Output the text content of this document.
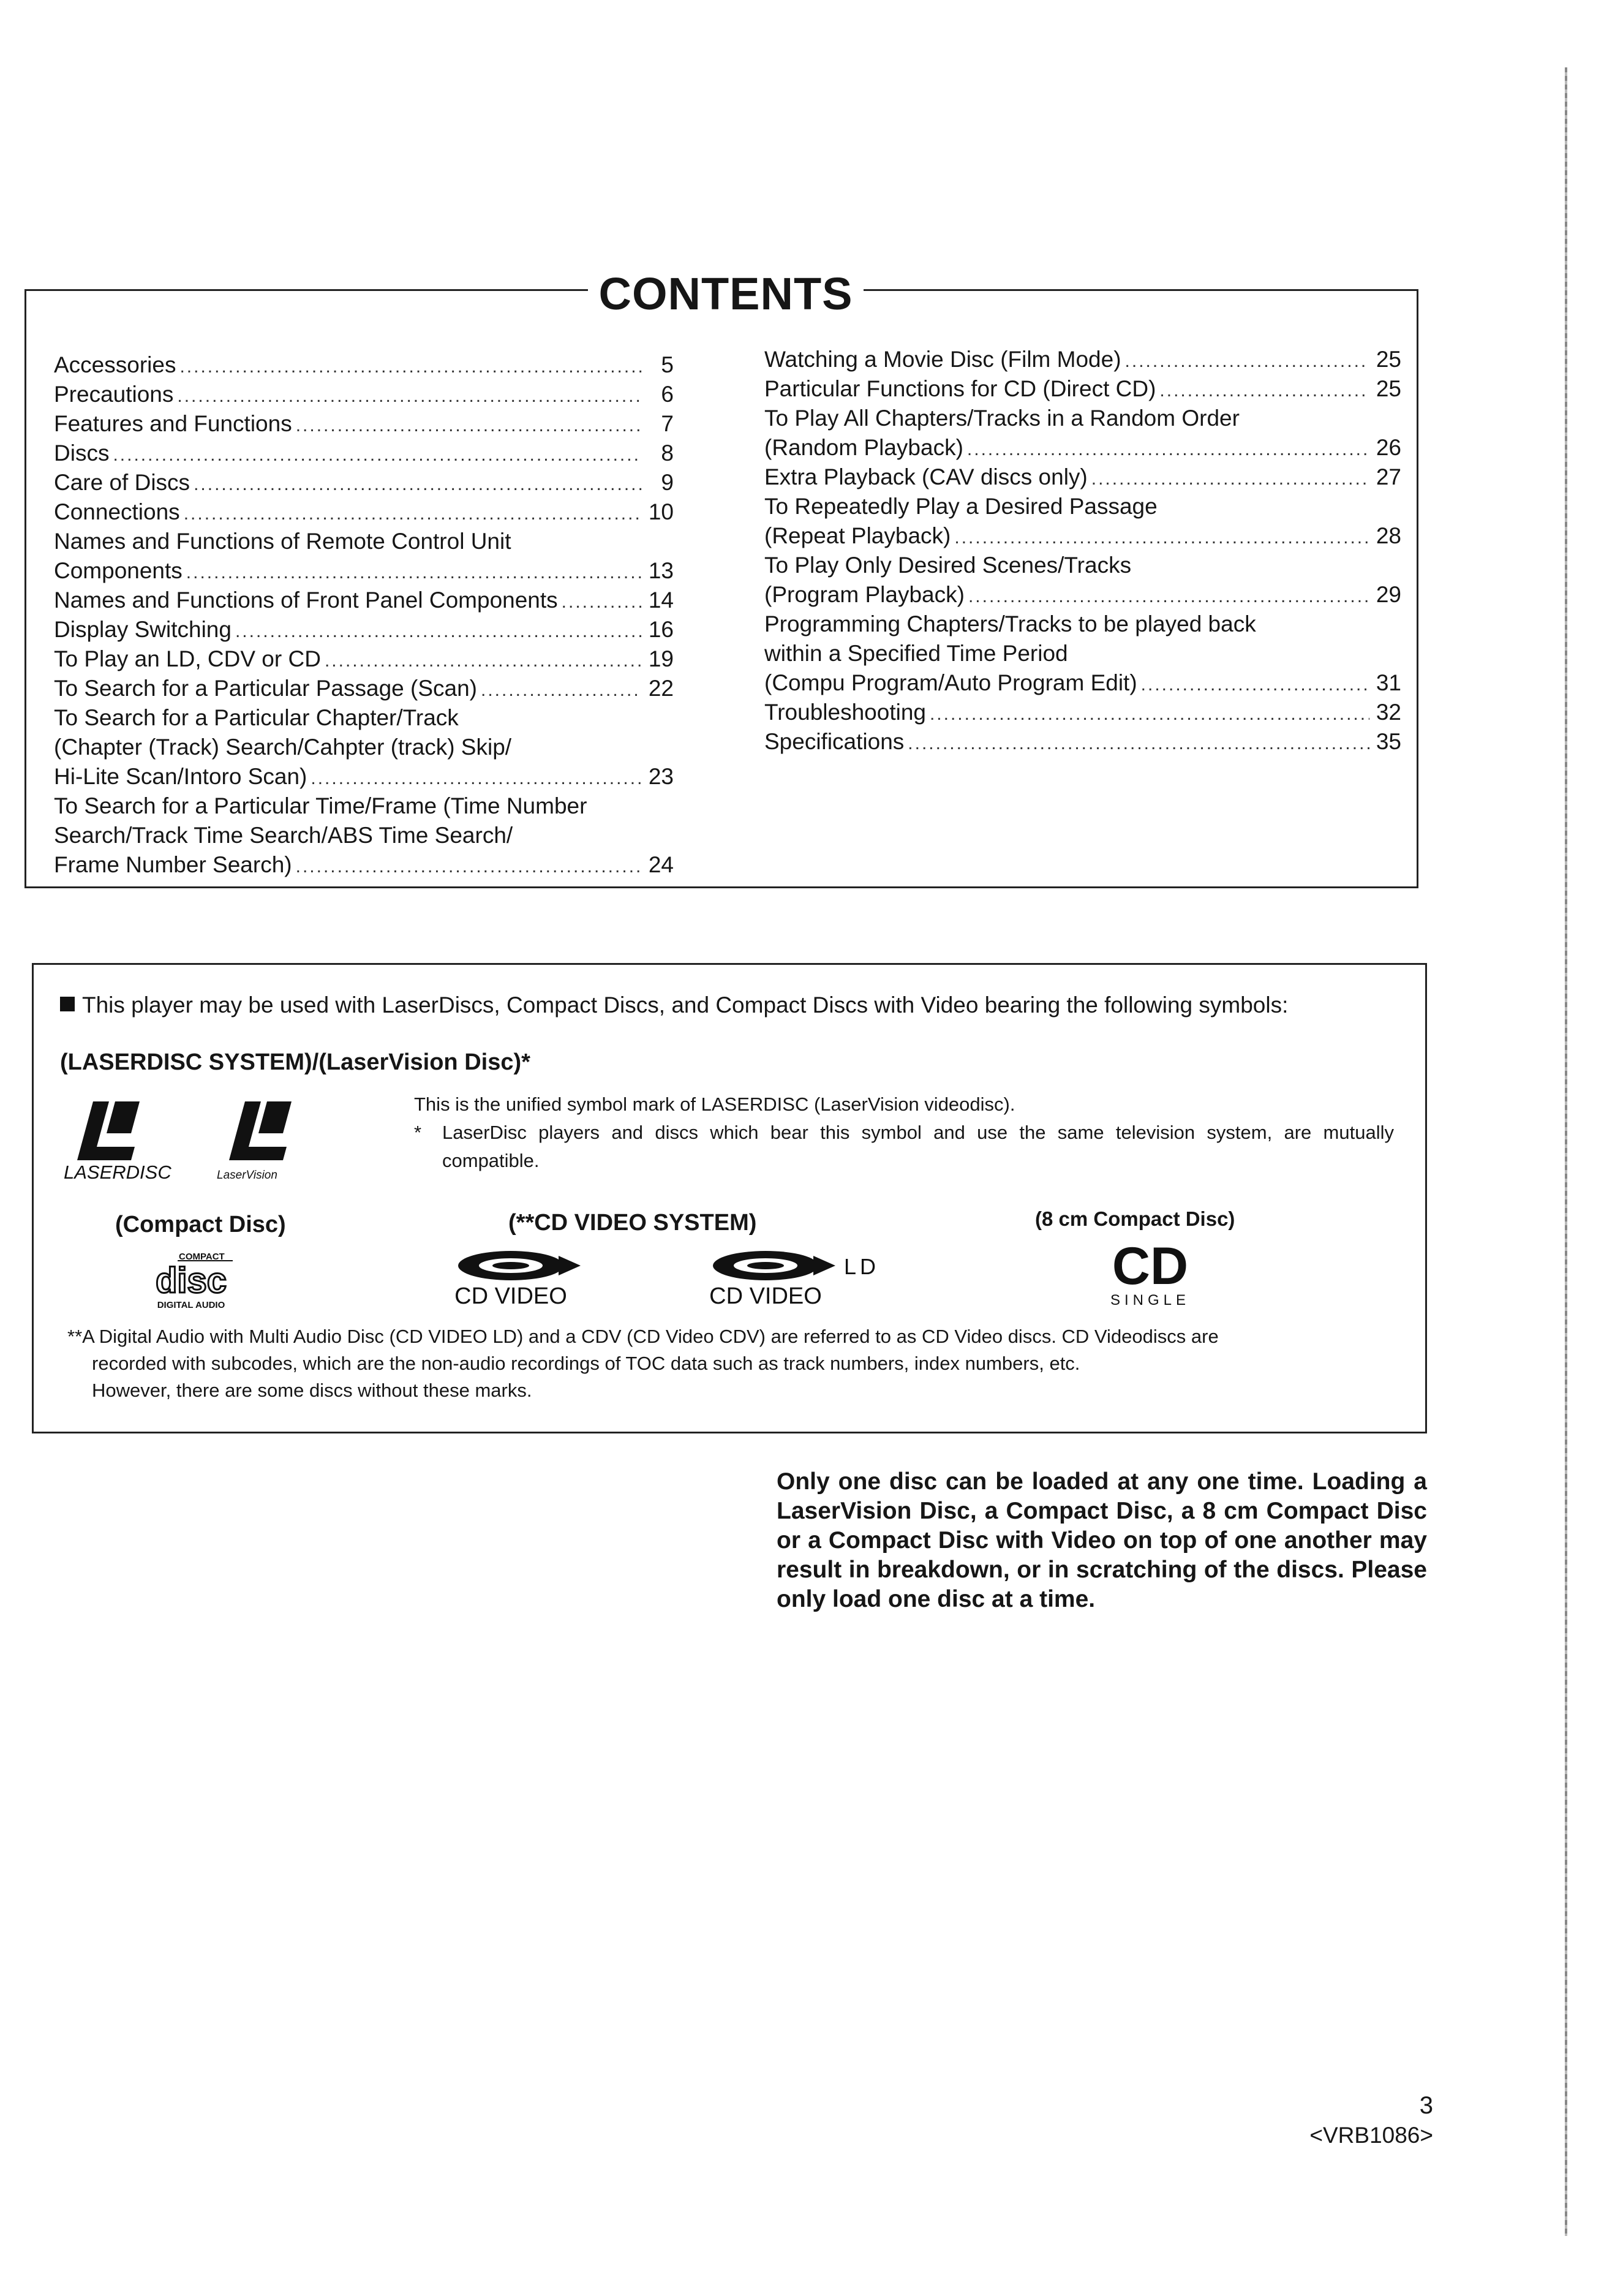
CONTENTS
Accessories .....	5
Precautions .....	6
Features and Functions .....	7
Discs .....	8
Care of Discs .....	9
Connections .....	10
Names and Functions of Remote Control Unit
Components .....	13
Names and Functions of Front Panel Components .....	14
Display Switching .....	16
To Play an LD, CDV or CD .....	19
To Search for a Particular Passage (Scan) .....	22
To Search for a Particular Chapter/Track
(Chapter (Track) Search/Cahpter (track) Skip/
Hi-Lite Scan/Intoro Scan) .....	23
To Search for a Particular Time/Frame (Time Number
Search/Track Time Search/ABS Time Search/
Frame Number Search) .....	24
Watching a Movie Disc (Film Mode) .....	25
Particular Functions for CD (Direct CD) .....	25
To Play All Chapters/Tracks in a Random Order
(Random Playback) .....	26
Extra Playback (CAV discs only) .....	27
To Repeatedly Play a Desired Passage
(Repeat Playback) .....	28
To Play Only Desired Scenes/Tracks
(Program Playback) .....	29
Programming Chapters/Tracks to be played back
within a Specified Time Period
(Compu Program/Auto Program Edit) .....	31
Troubleshooting .....	32
Specifications .....	35
This player may be used with LaserDiscs, Compact Discs, and Compact Discs with Video bearing the following symbols:
(LASERDISC SYSTEM)/(LaserVision Disc)*
LASERDISC	LaserVision
This is the unified symbol mark of LASERDISC (LaserVision videodisc).
*	LaserDisc players and discs which bear this symbol and use the same television system, are mutually compatible.
(Compact Disc)	(**CD VIDEO SYSTEM)	(8 cm Compact Disc)
COMPACT
disc
DIGITAL AUDIO	CD VIDEO
LD
CD VIDEO
CD
SINGLE
**A Digital Audio with Multi Audio Disc (CD VIDEO LD) and a CDV (CD Video CDV) are referred to as CD Video discs. CD Videodiscs are
recorded with subcodes, which are the non-audio recordings of TOC data such as track numbers, index numbers, etc.
However, there are some discs without these marks.
Only one disc can be loaded at any one time. Loading a LaserVision Disc, a Compact Disc, a 8 cm Compact Disc or a Compact Disc with Video on top of one another may result in breakdown, or in scratching of the discs. Please only load one disc at a time.
3
<VRB1086>
